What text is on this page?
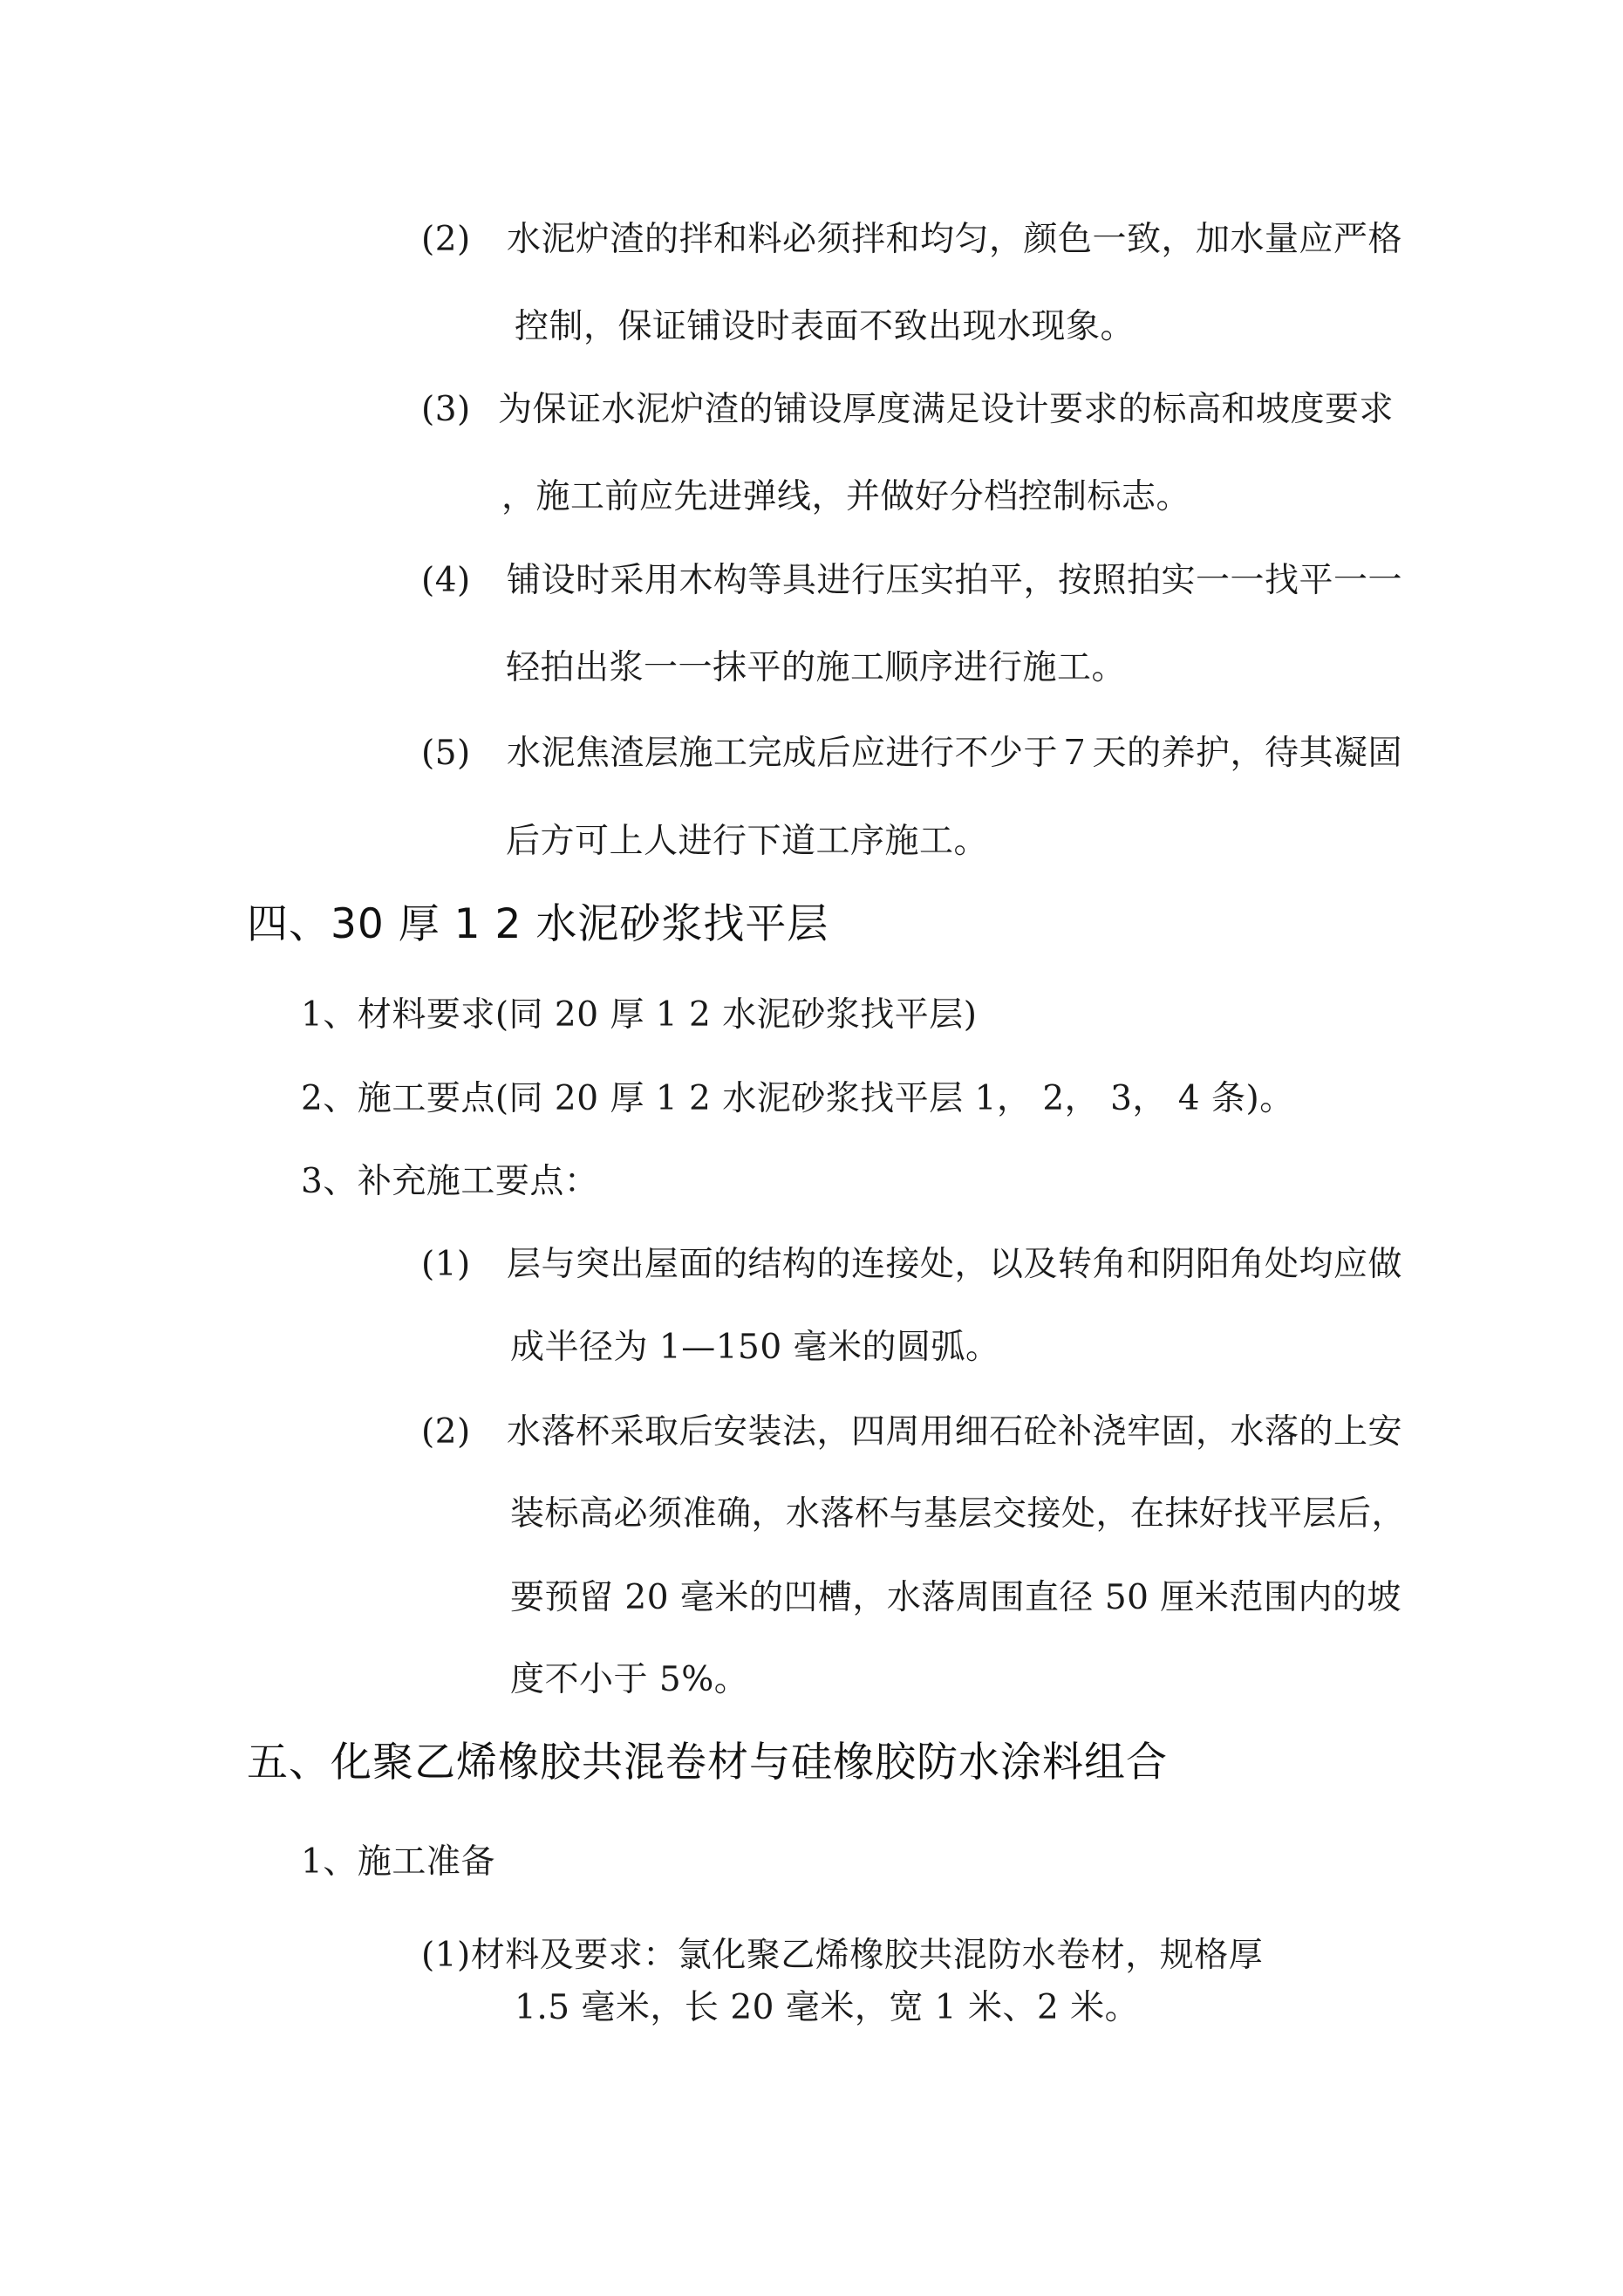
(2) 水泥炉渣的拌和料必须拌和均匀，颜色一致，加水量应严格
控制，保证铺设时表面不致出现水现象。
(3) 为保证水泥炉渣的铺设厚度满足设计要求的标高和坡度要求
，施工前应先进弹线，并做好分档控制标志。
(4) 铺设时采用木构等具进行压实拍平，按照拍实一一找平一一
轻拍出浆一一抹平的施工顺序进行施工。
(5) 水泥焦渣层施工完成后应进行不少于７天的养护，待其凝固
后方可上人进行下道工序施工。
四、30 厚 1 2 水泥砂浆找平层
1、材料要求(同 20 厚 1 2 水泥砂浆找平层)
2、施工要点(同 20 厚 1 2 水泥砂浆找平层 1， 2， 3， 4 条)。
3、补充施工要点：
(1) 层与突出屋面的结构的连接处，以及转角和阴阳角处均应做
成半径为 1—150 毫米的圆弧。
(2) 水落杯采取后安装法，四周用细石砼补浇牢固，水落的上安
装标高必须准确，水落杯与基层交接处，在抹好找平层后，
要预留 20 毫米的凹槽，水落周围直径 50 厘米范围内的坡
度不小于 5%。
五、化聚乙烯橡胶共混卷材与硅橡胶防水涂料组合
1、施工准备
(1)材料及要求：氯化聚乙烯橡胶共混防水卷材，规格厚
1.5 毫米，长 20 毫米，宽 1 米、2 米。
